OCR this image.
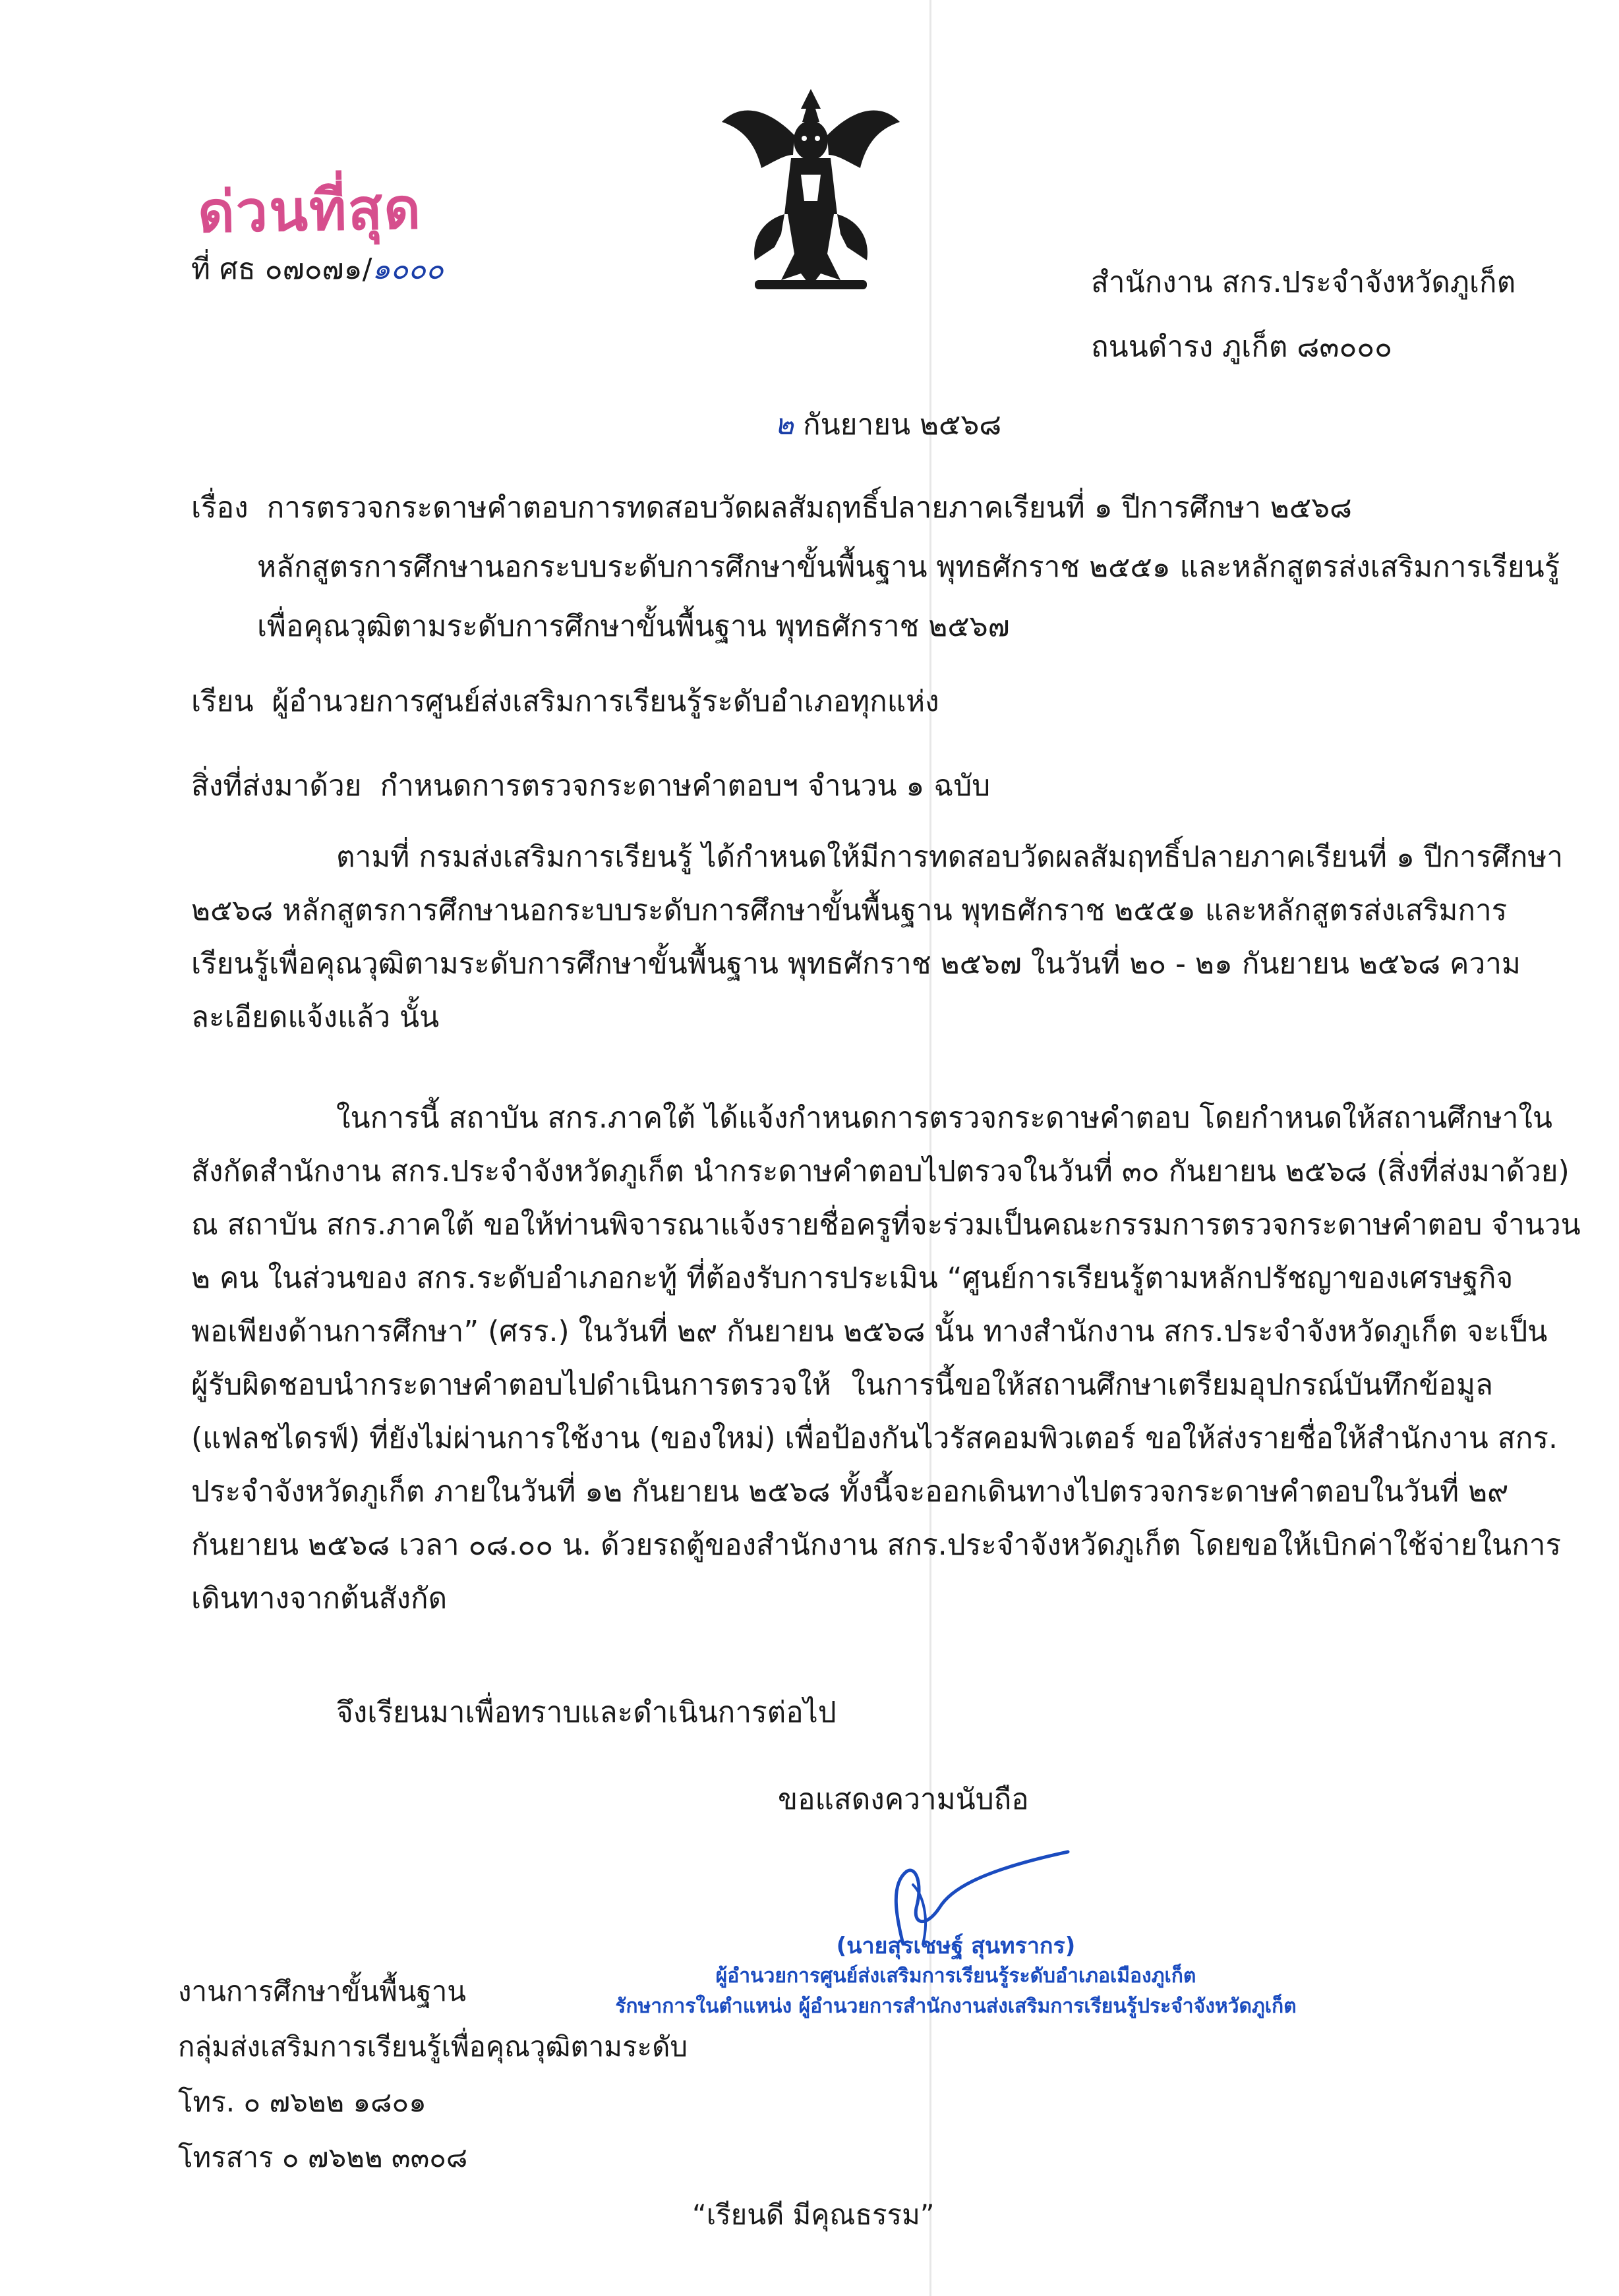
ด่วนที่สุด
ที่ ศธ ๐๗๐๗๑/๑๐๐๐	สำนักงาน สกร.ประจำจังหวัดภูเก็ต
ถนนดำรง ภูเก็ต ๘๓๐๐๐
๒ กันยายน ๒๕๖๘
เรื่อง การตรวจกระดาษคำตอบการทดสอบวัดผลสัมฤทธิ์ปลายภาคเรียนที่ ๑ ปีการศึกษา ๒๕๖๘
หลักสูตรการศึกษานอกระบบระดับการศึกษาขั้นพื้นฐาน พุทธศักราช ๒๕๕๑ และหลักสูตรส่งเสริมการเรียนรู้
เพื่อคุณวุฒิตามระดับการศึกษาขั้นพื้นฐาน พุทธศักราช ๒๕๖๗
เรียน ผู้อำนวยการศูนย์ส่งเสริมการเรียนรู้ระดับอำเภอทุกแห่ง
สิ่งที่ส่งมาด้วย กำหนดการตรวจกระดาษคำตอบฯ จำนวน ๑ ฉบับ
ตามที่ กรมส่งเสริมการเรียนรู้ ได้กำหนดให้มีการทดสอบวัดผลสัมฤทธิ์ปลายภาคเรียนที่ ๑ ปีการศึกษา
๒๕๖๘ หลักสูตรการศึกษานอกระบบระดับการศึกษาขั้นพื้นฐาน พุทธศักราช ๒๕๕๑ และหลักสูตรส่งเสริมการ
เรียนรู้เพื่อคุณวุฒิตามระดับการศึกษาขั้นพื้นฐาน พุทธศักราช ๒๕๖๗ ในวันที่ ๒๐ - ๒๑ กันยายน ๒๕๖๘ ความ
ละเอียดแจ้งแล้ว นั้น
ในการนี้ สถาบัน สกร.ภาคใต้ ได้แจ้งกำหนดการตรวจกระดาษคำตอบ โดยกำหนดให้สถานศึกษาใน
สังกัดสำนักงาน สกร.ประจำจังหวัดภูเก็ต นำกระดาษคำตอบไปตรวจในวันที่ ๓๐ กันยายน ๒๕๖๘ (สิ่งที่ส่งมาด้วย)
ณ สถาบัน สกร.ภาคใต้ ขอให้ท่านพิจารณาแจ้งรายชื่อครูที่จะร่วมเป็นคณะกรรมการตรวจกระดาษคำตอบ จำนวน
๒ คน ในส่วนของ สกร.ระดับอำเภอกะทู้ ที่ต้องรับการประเมิน “ศูนย์การเรียนรู้ตามหลักปรัชญาของเศรษฐกิจ
พอเพียงด้านการศึกษา” (ศรร.) ในวันที่ ๒๙ กันยายน ๒๕๖๘ นั้น ทางสำนักงาน สกร.ประจำจังหวัดภูเก็ต จะเป็น
ผู้รับผิดชอบนำกระดาษคำตอบไปดำเนินการตรวจให้ ในการนี้ขอให้สถานศึกษาเตรียมอุปกรณ์บันทึกข้อมูล
(แฟลชไดรฟ์) ที่ยังไม่ผ่านการใช้งาน (ของใหม่) เพื่อป้องกันไวรัสคอมพิวเตอร์ ขอให้ส่งรายชื่อให้สำนักงาน สกร.
ประจำจังหวัดภูเก็ต ภายในวันที่ ๑๒ กันยายน ๒๕๖๘ ทั้งนี้จะออกเดินทางไปตรวจกระดาษคำตอบในวันที่ ๒๙
กันยายน ๒๕๖๘ เวลา ๐๘.๐๐ น. ด้วยรถตู้ของสำนักงาน สกร.ประจำจังหวัดภูเก็ต โดยขอให้เบิกค่าใช้จ่ายในการ
เดินทางจากต้นสังกัด
จึงเรียนมาเพื่อทราบและดำเนินการต่อไป
ขอแสดงความนับถือ
(นายสุรเชษฐ์ สุนทรากร)
ผู้อำนวยการศูนย์ส่งเสริมการเรียนรู้ระดับอำเภอเมืองภูเก็ต
รักษาการในตำแหน่ง ผู้อำนวยการสำนักงานส่งเสริมการเรียนรู้ประจำจังหวัดภูเก็ต
งานการศึกษาขั้นพื้นฐาน
กลุ่มส่งเสริมการเรียนรู้เพื่อคุณวุฒิตามระดับ
โทร. ๐ ๗๖๒๒ ๑๘๐๑
โทรสาร ๐ ๗๖๒๒ ๓๓๐๘
“เรียนดี มีคุณธรรม”
